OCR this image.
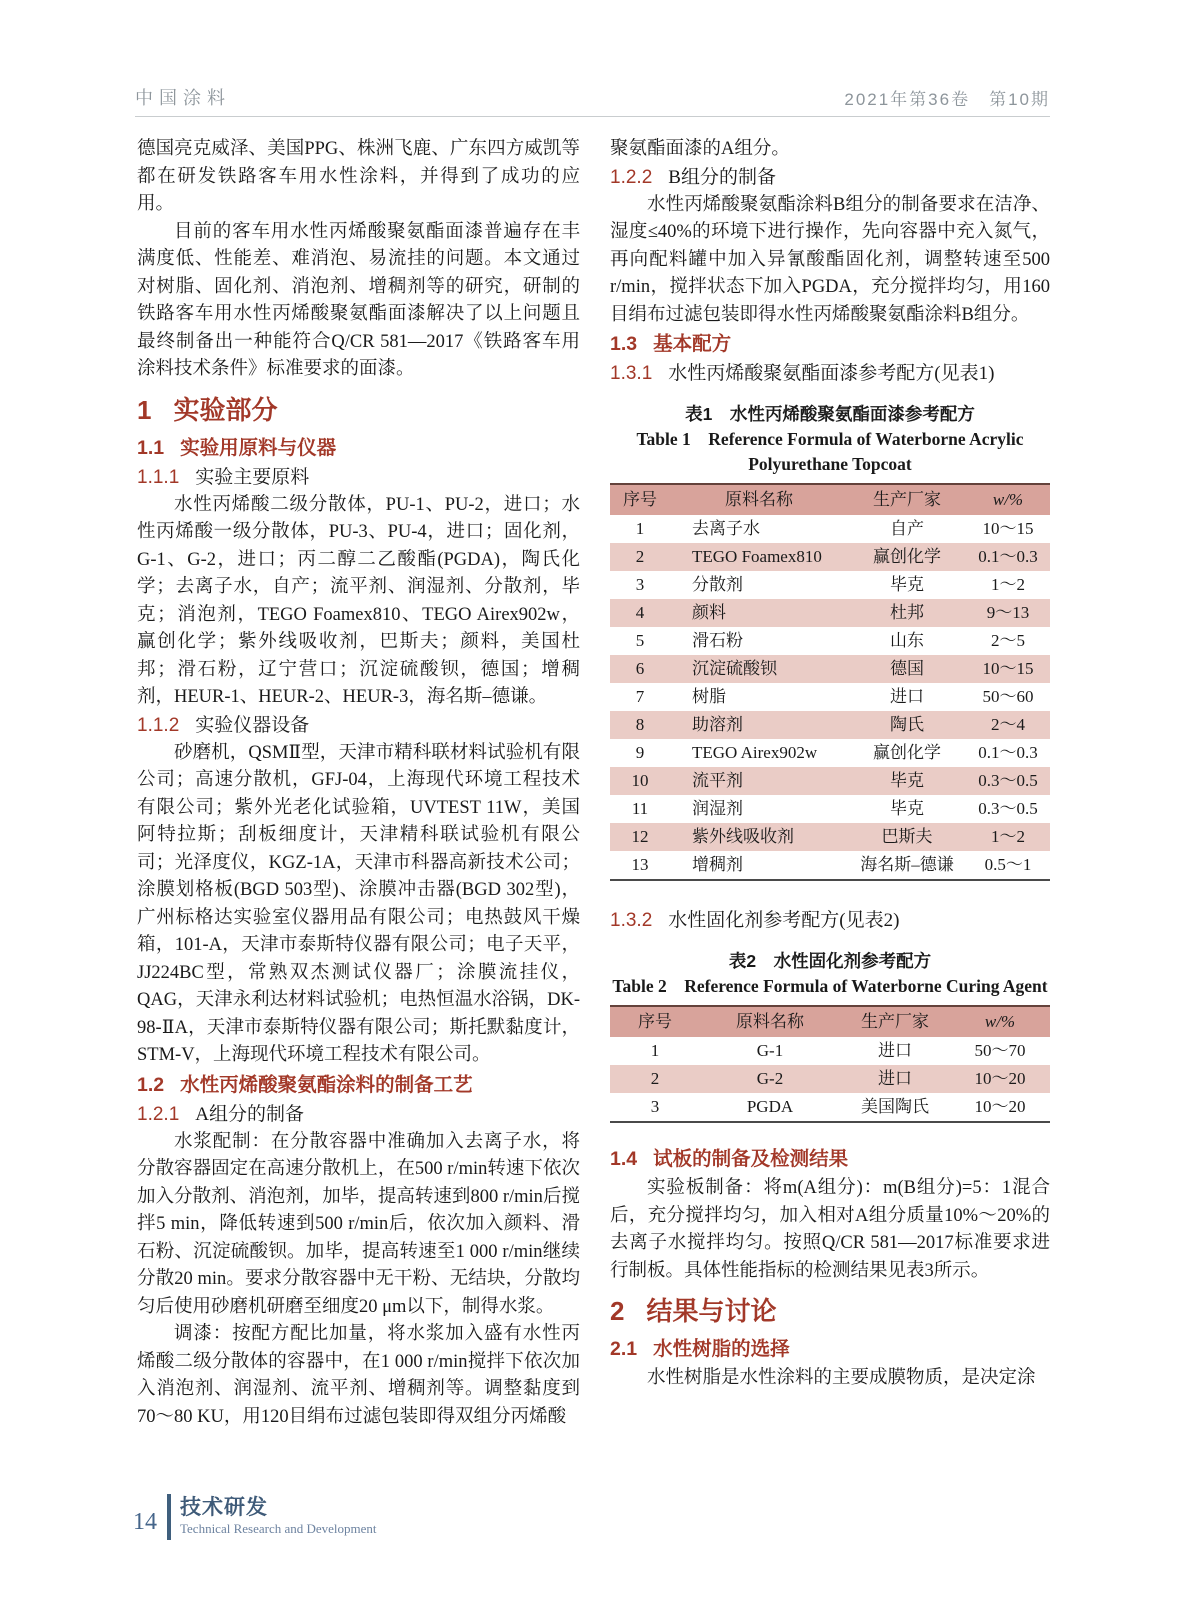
中国涂料	2021年第36卷　第10期

德国亮克威泽、美国PPG、株洲飞鹿、广东四方威凯等都在研发铁路客车用水性涂料，并得到了成功的应用。

目前的客车用水性丙烯酸聚氨酯面漆普遍存在丰满度低、性能差、难消泡、易流挂的问题。本文通过对树脂、固化剂、消泡剂、增稠剂等的研究，研制的铁路客车用水性丙烯酸聚氨酯面漆解决了以上问题且最终制备出一种能符合Q/CR 581—2017《铁路客车用涂料技术条件》标准要求的面漆。

1 实验部分
1.1 实验用原料与仪器
1.1.1 实验主要原料

水性丙烯酸二级分散体，PU-1、PU-2，进口；水性丙烯酸一级分散体，PU-3、PU-4，进口；固化剂，G-1、G-2，进口；丙二醇二乙酸酯(PGDA)，陶氏化学；去离子水，自产；流平剂、润湿剂、分散剂，毕克；消泡剂，TEGO Foamex810、TEGO Airex902w，赢创化学；紫外线吸收剂，巴斯夫；颜料，美国杜邦；滑石粉，辽宁营口；沉淀硫酸钡，德国；增稠剂，HEUR-1、HEUR-2、HEUR-3，海名斯–德谦。

1.1.2 实验仪器设备

砂磨机，QSMⅡ型，天津市精科联材料试验机有限公司；高速分散机，GFJ-04，上海现代环境工程技术有限公司；紫外光老化试验箱，UVTEST 11W，美国阿特拉斯；刮板细度计，天津精科联试验机有限公司；光泽度仪，KGZ-1A，天津市科器高新技术公司；涂膜划格板(BGD 503型)、涂膜冲击器(BGD 302型)，广州标格达实验室仪器用品有限公司；电热鼓风干燥箱，101-A，天津市泰斯特仪器有限公司；电子天平，JJ224BC型，常熟双杰测试仪器厂；涂膜流挂仪，QAG，天津永利达材料试验机；电热恒温水浴锅，DK-98-ⅡA，天津市泰斯特仪器有限公司；斯托默黏度计，STM-V，上海现代环境工程技术有限公司。

1.2 水性丙烯酸聚氨酯涂料的制备工艺
1.2.1 A组分的制备

水浆配制：在分散容器中准确加入去离子水，将分散容器固定在高速分散机上，在500 r/min转速下依次加入分散剂、消泡剂，加毕，提高转速到800 r/min后搅拌5 min，降低转速到500 r/min后，依次加入颜料、滑石粉、沉淀硫酸钡。加毕，提高转速至1 000 r/min继续分散20 min。要求分散容器中无干粉、无结块，分散均匀后使用砂磨机研磨至细度20 μm以下，制得水浆。

调漆：按配方配比加量，将水浆加入盛有水性丙烯酸二级分散体的容器中，在1 000 r/min搅拌下依次加入消泡剂、润湿剂、流平剂、增稠剂等。调整黏度到70～80 KU，用120目绢布过滤包装即得双组分丙烯酸

聚氨酯面漆的A组分。

1.2.2 B组分的制备

水性丙烯酸聚氨酯涂料B组分的制备要求在洁净、湿度≤40%的环境下进行操作，先向容器中充入氮气，再向配料罐中加入异氰酸酯固化剂，调整转速至500 r/min，搅拌状态下加入PGDA，充分搅拌均匀，用160目绢布过滤包装即得水性丙烯酸聚氨酯涂料B组分。

1.3 基本配方
1.3.1 水性丙烯酸聚氨酯面漆参考配方(见表1)
表1　水性丙烯酸聚氨酯面漆参考配方
Table 1　Reference Formula of Waterborne Acrylic Polyurethane Topcoat
序号	原料名称	生产厂家	w/%
1	去离子水	自产	10～15
2	TEGO Foamex810	赢创化学	0.1～0.3
3	分散剂	毕克	1～2
4	颜料	杜邦	9～13
5	滑石粉	山东	2～5
6	沉淀硫酸钡	德国	10～15
7	树脂	进口	50～60
8	助溶剂	陶氏	2～4
9	TEGO Airex902w	赢创化学	0.1～0.3
10	流平剂	毕克	0.3～0.5
11	润湿剂	毕克	0.3～0.5
12	紫外线吸收剂	巴斯夫	1～2
13	增稠剂	海名斯–德谦	0.5～1
1.3.2 水性固化剂参考配方(见表2)
表2　水性固化剂参考配方
Table 2　Reference Formula of Waterborne Curing Agent
序号	原料名称	生产厂家	w/%
1	G-1	进口	50～70
2	G-2	进口	10～20
3	PGDA	美国陶氏	10～20
1.4 试板的制备及检测结果

实验板制备：将m(A组分)：m(B组分)=5：1混合后，充分搅拌均匀，加入相对A组分质量10%～20%的去离子水搅拌均匀。按照Q/CR 581—2017标准要求进行制板。具体性能指标的检测结果见表3所示。

2 结果与讨论
2.1 水性树脂的选择

水性树脂是水性涂料的主要成膜物质，是决定涂

14
技术研发
Technical Research and Development
